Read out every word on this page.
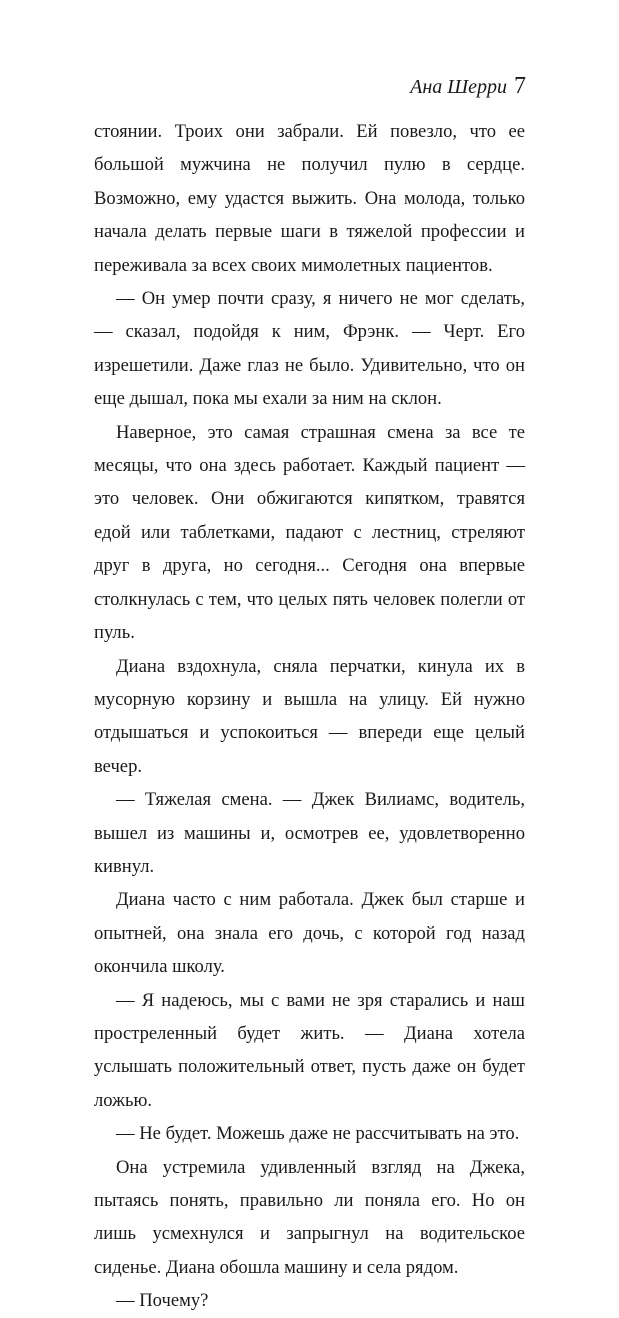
Ана Шерри 7

стоянии. Троих они забрали. Ей повезло, что ее большой мужчина не получил пулю в сердце. Возможно, ему удастся выжить. Она молода, только начала делать первые шаги в тяжелой профессии и переживала за всех своих мимолетных пациентов.

— Он умер почти сразу, я ничего не мог сделать, — сказал, подойдя к ним, Фрэнк. — Черт. Его изрешетили. Даже глаз не было. Удивительно, что он еще дышал, пока мы ехали за ним на склон.

Наверное, это самая страшная смена за все те месяцы, что она здесь работает. Каждый пациент — это человек. Они обжигаются кипятком, травятся едой или таблетками, падают с лестниц, стреляют друг в друга, но сегодня... Сегодня она впервые столкнулась с тем, что целых пять человек полегли от пуль.

Диана вздохнула, сняла перчатки, кинула их в мусорную корзину и вышла на улицу. Ей нужно отдышаться и успокоиться — впереди еще целый вечер.

— Тяжелая смена. — Джек Вилиамс, водитель, вышел из машины и, осмотрев ее, удовлетворенно кивнул.

Диана часто с ним работала. Джек был старше и опытней, она знала его дочь, с которой год назад окончила школу.

— Я надеюсь, мы с вами не зря старались и наш простреленный будет жить. — Диана хотела услышать положительный ответ, пусть даже он будет ложью.

— Не будет. Можешь даже не рассчитывать на это.

Она устремила удивленный взгляд на Джека, пытаясь понять, правильно ли поняла его. Но он лишь усмехнулся и запрыгнул на водительское сиденье. Диана обошла машину и села рядом.

— Почему?
